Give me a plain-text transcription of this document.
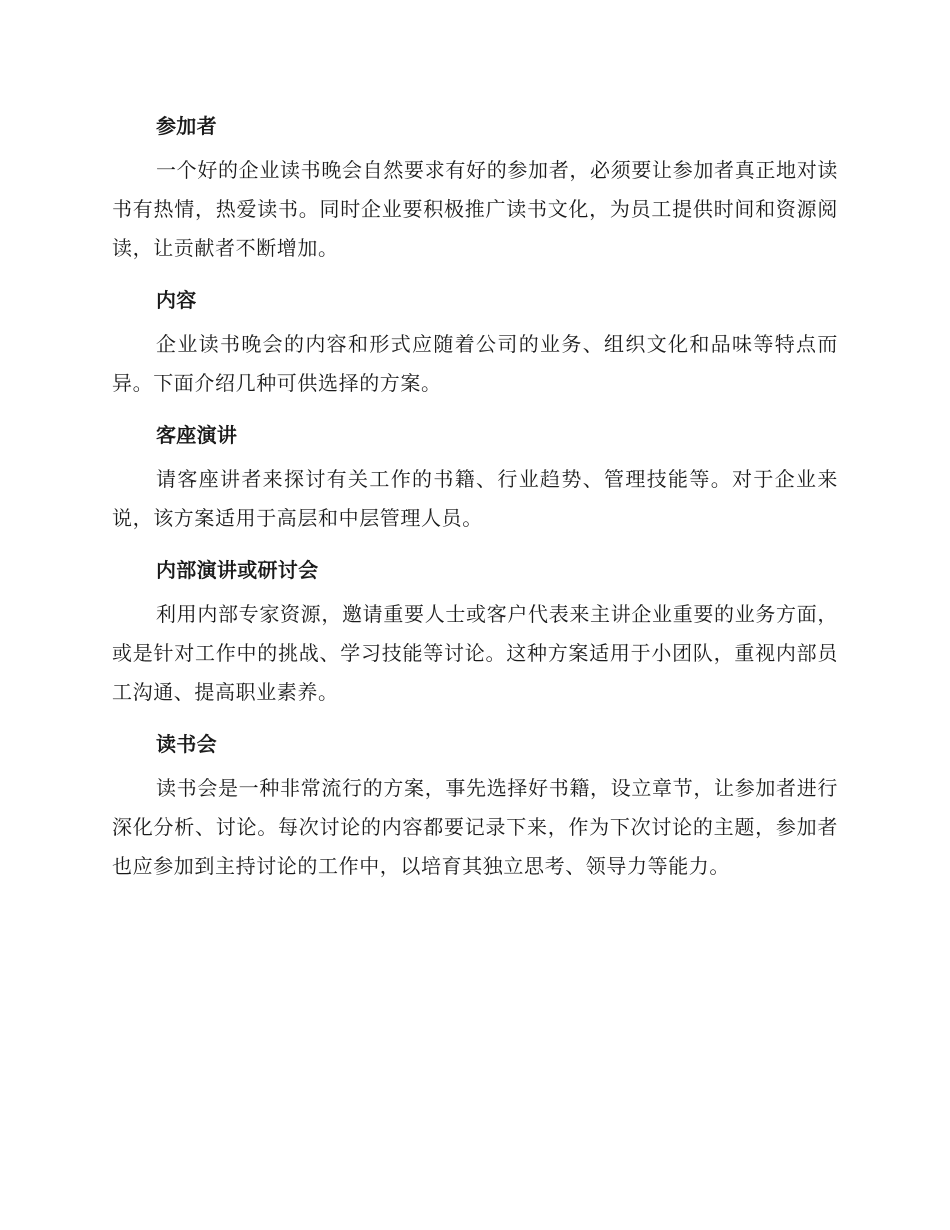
参加者

一个好的企业读书晚会自然要求有好的参加者，必须要让参加者真正地对读书有热情，热爱读书。同时企业要积极推广读书文化，为员工提供时间和资源阅读，让贡献者不断增加。

内容

企业读书晚会的内容和形式应随着公司的业务、组织文化和品味等特点而异。下面介绍几种可供选择的方案。

客座演讲

请客座讲者来探讨有关工作的书籍、行业趋势、管理技能等。对于企业来说，该方案适用于高层和中层管理人员。

内部演讲或研讨会

利用内部专家资源，邀请重要人士或客户代表来主讲企业重要的业务方面，或是针对工作中的挑战、学习技能等讨论。这种方案适用于小团队，重视内部员工沟通、提高职业素养。

读书会

读书会是一种非常流行的方案，事先选择好书籍，设立章节，让参加者进行深化分析、讨论。每次讨论的内容都要记录下来，作为下次讨论的主题，参加者也应参加到主持讨论的工作中，以培育其独立思考、领导力等能力。
